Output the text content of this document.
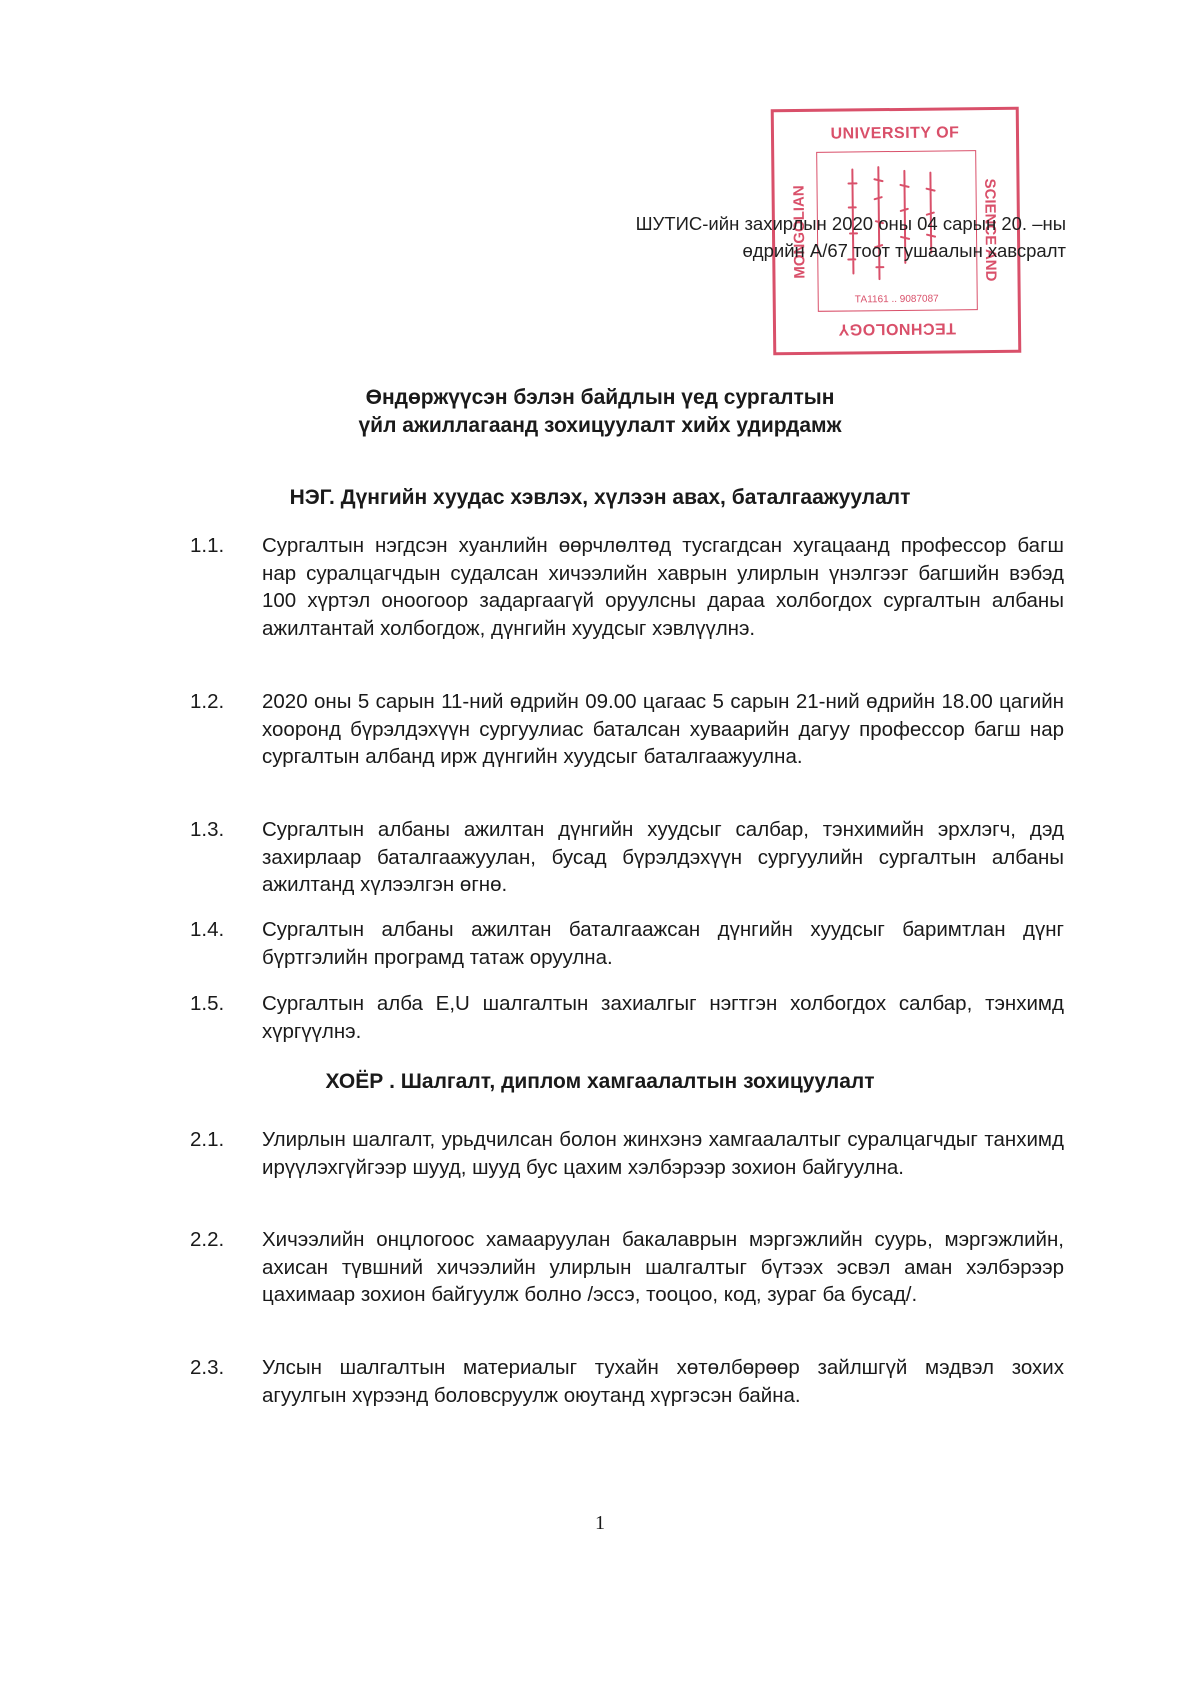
UNIVERSITY OF
MONGOLIAN	SCIENCE AND
ТА1161 .. 9087087
TECHNOLOGY
ШУТИС-ийн захирлын 2020 оны 04 сарын 20. –ны
өдрийн А/67 тоот тушаалын хавсралт
Өндөржүүсэн бэлэн байдлын үед сургалтын
үйл ажиллагаанд зохицуулалт хийх удирдамж
НЭГ. Дүнгийн хуудас хэвлэх, хүлээн авах, баталгаажуулалт
1.1. Сургалтын нэгдсэн хуанлийн өөрчлөлтөд тусгагдсан хугацаанд профессор багш нар суралцагчдын судалсан хичээлийн хаврын улирлын үнэлгээг багшийн вэбэд 100 хүртэл оноогоор задаргаагүй оруулсны дараа холбогдох сургалтын албаны ажилтантай холбогдож, дүнгийн хуудсыг хэвлүүлнэ.
1.2. 2020 оны 5 сарын 11-ний өдрийн 09.00 цагаас 5 сарын 21-ний өдрийн 18.00 цагийн хооронд бүрэлдэхүүн сургуулиас баталсан хуваарийн дагуу профессор багш нар сургалтын албанд ирж дүнгийн хуудсыг баталгаажуулна.
1.3. Сургалтын албаны ажилтан дүнгийн хуудсыг салбар, тэнхимийн эрхлэгч, дэд захирлаар баталгаажуулан, бусад бүрэлдэхүүн сургуулийн сургалтын албаны ажилтанд хүлээлгэн өгнө.
1.4. Сургалтын албаны ажилтан баталгаажсан дүнгийн хуудсыг баримтлан дүнг бүртгэлийн програмд татаж оруулна.
1.5. Сургалтын алба E,U шалгалтын захиалгыг нэгтгэн холбогдох салбар, тэнхимд хүргүүлнэ.
ХОЁР . Шалгалт, диплом хамгаалалтын зохицуулалт
2.1. Улирлын шалгалт, урьдчилсан болон жинхэнэ хамгаалалтыг суралцагчдыг танхимд ирүүлэхгүйгээр шууд, шууд бус цахим хэлбэрээр зохион байгуулна.
2.2. Хичээлийн онцлогоос хамааруулан бакалаврын мэргэжлийн суурь, мэргэжлийн, ахисан түвшний хичээлийн улирлын шалгалтыг бүтээх эсвэл аман хэлбэрээр цахимаар зохион байгуулж болно /эссэ, тооцоо, код, зураг ба бусад/.
2.3. Улсын шалгалтын материалыг тухайн хөтөлбөрөөр зайлшгүй мэдвэл зохих агуулгын хүрээнд боловсруулж оюутанд хүргэсэн байна.
1
